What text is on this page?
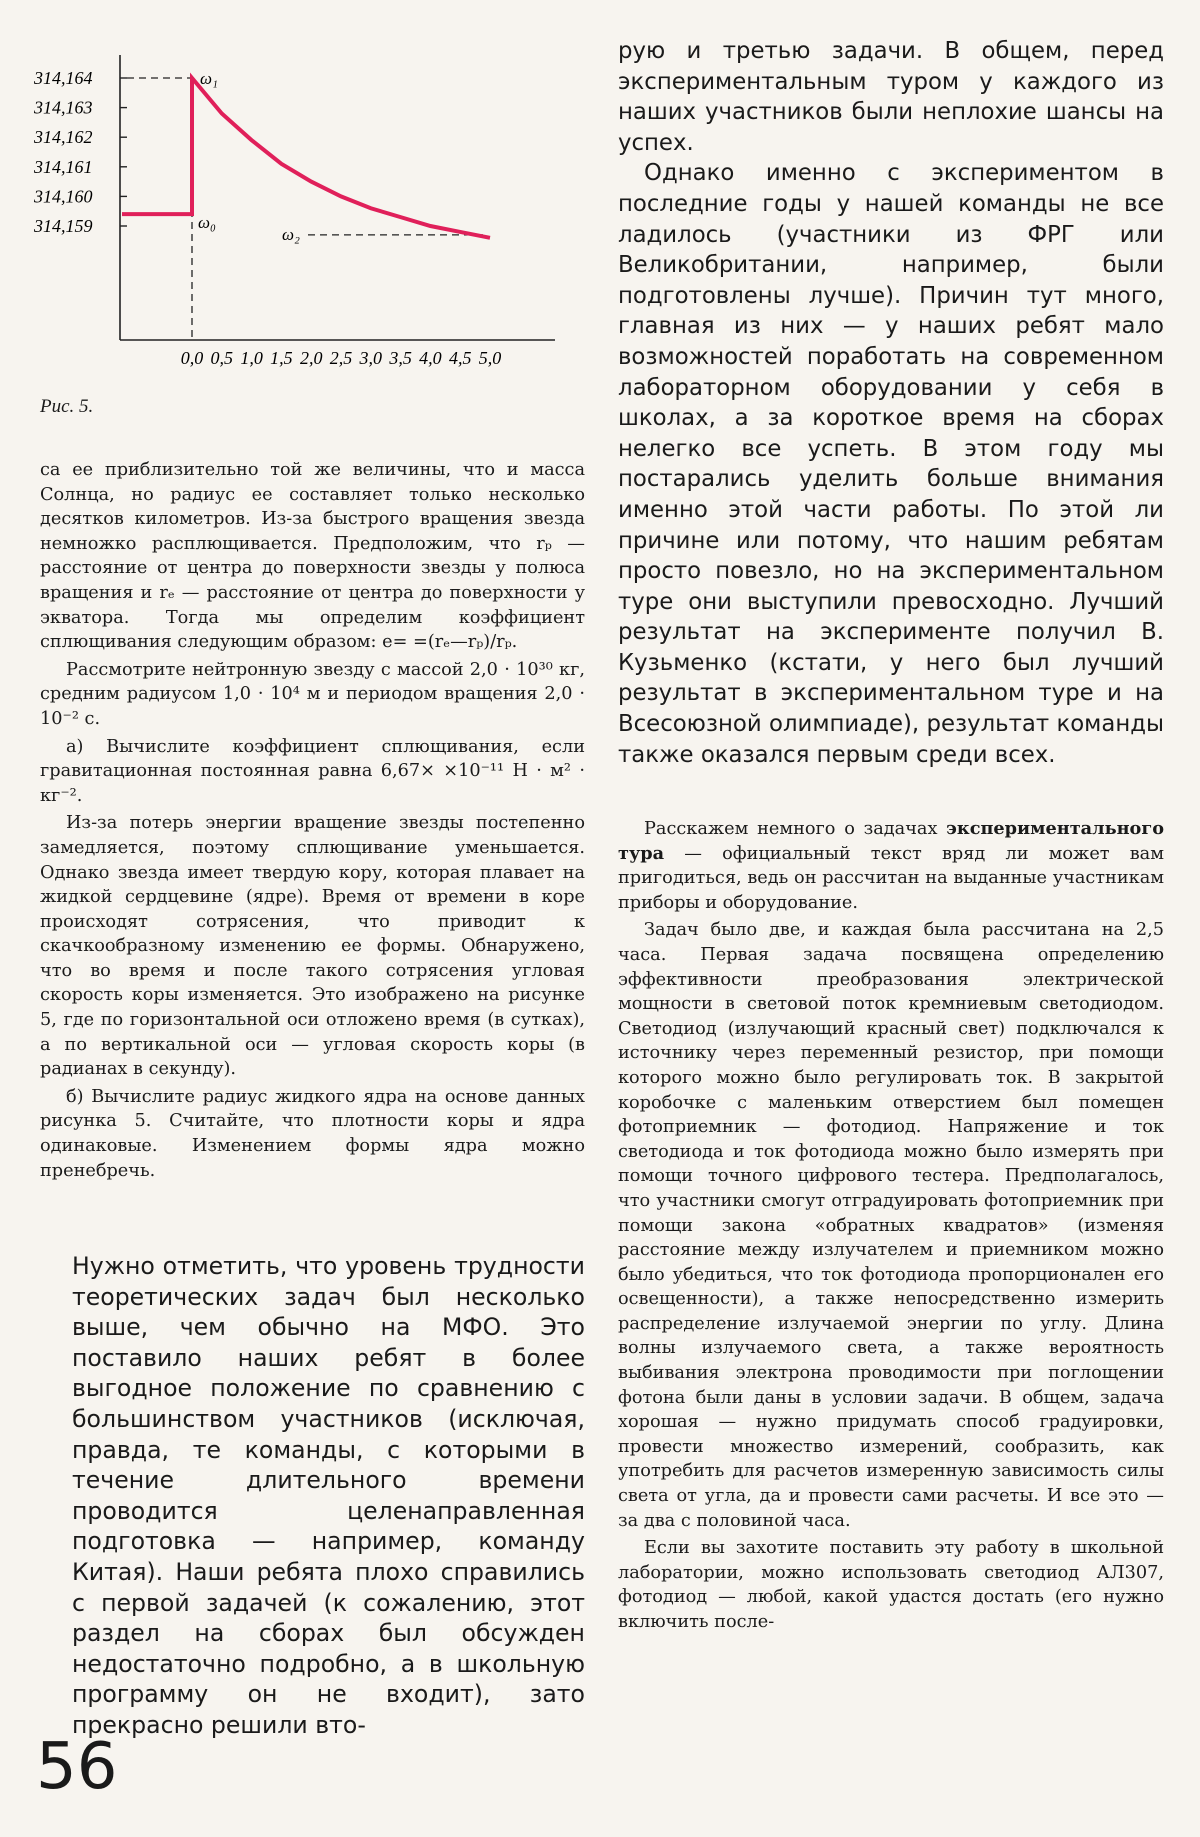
314,164
314,163
314,162
314,161
314,160
314,159
0,0 0,5 1,0 1,5 2,0 2,5 3,0 3,5 4,0 4,5 5,0
ω₁
ω₀
ω₂
Рис. 5.

са ее приблизительно той же величины, что и масса Солнца, но радиус ее составляет только несколько десятков километров. Из-за быстрого вращения звезда немножко расплющивается. Предположим, что rₚ — расстояние от центра до поверхности звезды у полюса вращения и rₑ — расстояние от центра до поверхности у экватора. Тогда мы определим коэффициент сплющивания следующим образом: e= =(rₑ—rₚ)/rₚ.

Рассмотрите нейтронную звезду с массой 2,0 · 10³⁰ кг, средним радиусом 1,0 · 10⁴ м и периодом вращения 2,0 · 10⁻² с.

а) Вычислите коэффициент сплющивания, если гравитационная постоянная равна 6,67× ×10⁻¹¹ Н · м² · кг⁻².

Из-за потерь энергии вращение звезды постепенно замедляется, поэтому сплющивание уменьшается. Однако звезда имеет твердую кору, которая плавает на жидкой сердцевине (ядре). Время от времени в коре происходят сотрясения, что приводит к скачкообразному изменению ее формы. Обнаружено, что во время и после такого сотрясения угловая скорость коры изменяется. Это изображено на рисунке 5, где по горизонтальной оси отложено время (в сутках), а по вертикальной оси — угловая скорость коры (в радианах в секунду).

б) Вычислите радиус жидкого ядра на основе данных рисунка 5. Считайте, что плотности коры и ядра одинаковые. Изменением формы ядра можно пренебречь.

Нужно отметить, что уровень трудности теоретических задач был несколько выше, чем обычно на МФО. Это поставило наших ребят в более выгодное положение по сравнению с большинством участников (исключая, правда, те команды, с которыми в течение длительного времени проводится целенаправленная подготовка — например, команду Китая). Наши ребята плохо справились с первой задачей (к сожалению, этот раздел на сборах был обсужден недостаточно подробно, а в школьную программу он не входит), зато прекрасно решили вто-

рую и третью задачи. В общем, перед экспериментальным туром у каждого из наших участников были неплохие шансы на успех.

Однако именно с экспериментом в последние годы у нашей команды не все ладилось (участники из ФРГ или Великобритании, например, были подготовлены лучше). Причин тут много, главная из них — у наших ребят мало возможностей поработать на современном лабораторном оборудовании у себя в школах, а за короткое время на сборах нелегко все успеть. В этом году мы постарались уделить больше внимания именно этой части работы. По этой ли причине или потому, что нашим ребятам просто повезло, но на экспериментальном туре они выступили превосходно. Лучший результат на эксперименте получил В. Кузьменко (кстати, у него был лучший результат в экспериментальном туре и на Всесоюзной олимпиаде), результат команды также оказался первым среди всех.

Расскажем немного о задачах экспериментального тура — официальный текст вряд ли может вам пригодиться, ведь он рассчитан на выданные участникам приборы и оборудование.

Задач было две, и каждая была рассчитана на 2,5 часа. Первая задача посвящена определению эффективности преобразования электрической мощности в световой поток кремниевым светодиодом. Светодиод (излучающий красный свет) подключался к источнику через переменный резистор, при помощи которого можно было регулировать ток. В закрытой коробочке с маленьким отверстием был помещен фотоприемник — фотодиод. Напряжение и ток светодиода и ток фотодиода можно было измерять при помощи точного цифрового тестера. Предполагалось, что участники смогут отградуировать фотоприемник при помощи закона «обратных квадратов» (изменяя расстояние между излучателем и приемником можно было убедиться, что ток фотодиода пропорционален его освещенности), а также непосредственно измерить распределение излучаемой энергии по углу. Длина волны излучаемого света, а также вероятность выбивания электрона проводимости при поглощении фотона были даны в условии задачи. В общем, задача хорошая — нужно придумать способ градуировки, провести множество измерений, сообразить, как употребить для расчетов измеренную зависимость силы света от угла, да и провести сами расчеты. И все это — за два с половиной часа.

Если вы захотите поставить эту работу в школьной лаборатории, можно использовать светодиод АЛ307, фотодиод — любой, какой удастся достать (его нужно включить после-

56
